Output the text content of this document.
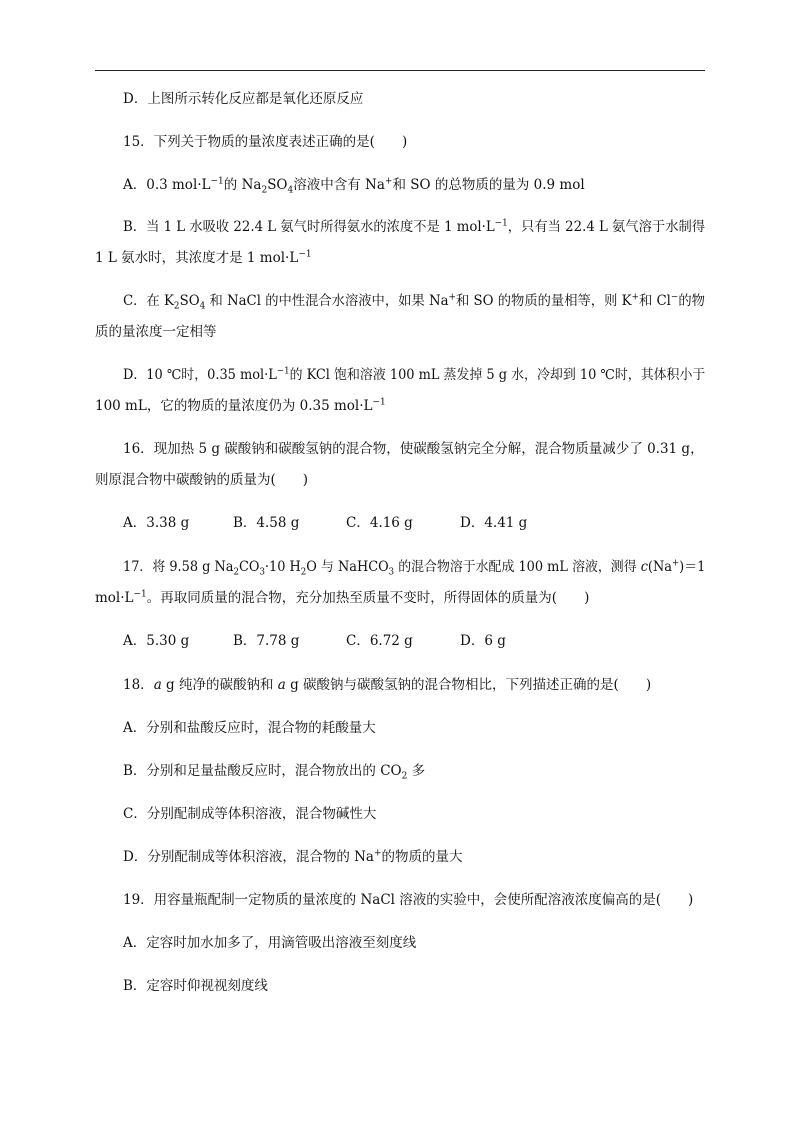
D．上图所示转化反应都是氧化还原反应
15．下列关于物质的量浓度表述正确的是(　　)
A．0.3 $mol\cdot L^{-1}$的 $Na_2SO_4$溶液中含有 Na+和 SO 的总物质的量为 0.9 mol
B．当 1 L 水吸收 22.4 L 氨气时所得氨水的浓度不是 1 $mol\cdot L^{-1}$，只有当 22.4 L 氨气溶于水制得
1 L 氨水时，其浓度才是 1 $mol\cdot L^{-1}$
C．在 $K_2SO_4$ 和 NaCl 的中性混合水溶液中，如果 Na+和 SO 的物质的量相等，则 K+和 Cl−的物
质的量浓度一定相等
D．10 ℃时，0.35 $mol\cdot L^{-1}$的 KCl 饱和溶液 100 mL 蒸发掉 5 g 水，冷却到 10 ℃时，其体积小于
100 mL，它的物质的量浓度仍为 0.35 $mol\cdot L^{-1}$
16．现加热 5 g 碳酸钠和碳酸氢钠的混合物，使碳酸氢钠完全分解，混合物质量减少了 0.31 g，
则原混合物中碳酸钠的质量为(　　)
A．3.38 g	B．4.58 g	C．4.16 g	D．4.41 g
17．将 9.58 g $Na_2CO_3\cdot 10$ $H_2O$ 与 NaHCO$_3$ 的混合物溶于水配成 100 mL 溶液，测得 c(Na+)＝1
$mol\cdot L^{-1}$。再取同质量的混合物，充分加热至质量不变时，所得固体的质量为(　　)
A．5.30 g	B．7.78 g	C．6.72 g	D．6 g
18．a g 纯净的碳酸钠和 a g 碳酸钠与碳酸氢钠的混合物相比，下列描述正确的是(　　)
A．分别和盐酸反应时，混合物的耗酸量大
B．分别和足量盐酸反应时，混合物放出的 $CO_2$ 多
C．分别配制成等体积溶液，混合物碱性大
D．分别配制成等体积溶液，混合物的 Na+的物质的量大
19．用容量瓶配制一定物质的量浓度的 NaCl 溶液的实验中，会使所配溶液浓度偏高的是(　　)
A．定容时加水加多了，用滴管吸出溶液至刻度线
B．定容时仰视视刻度线
